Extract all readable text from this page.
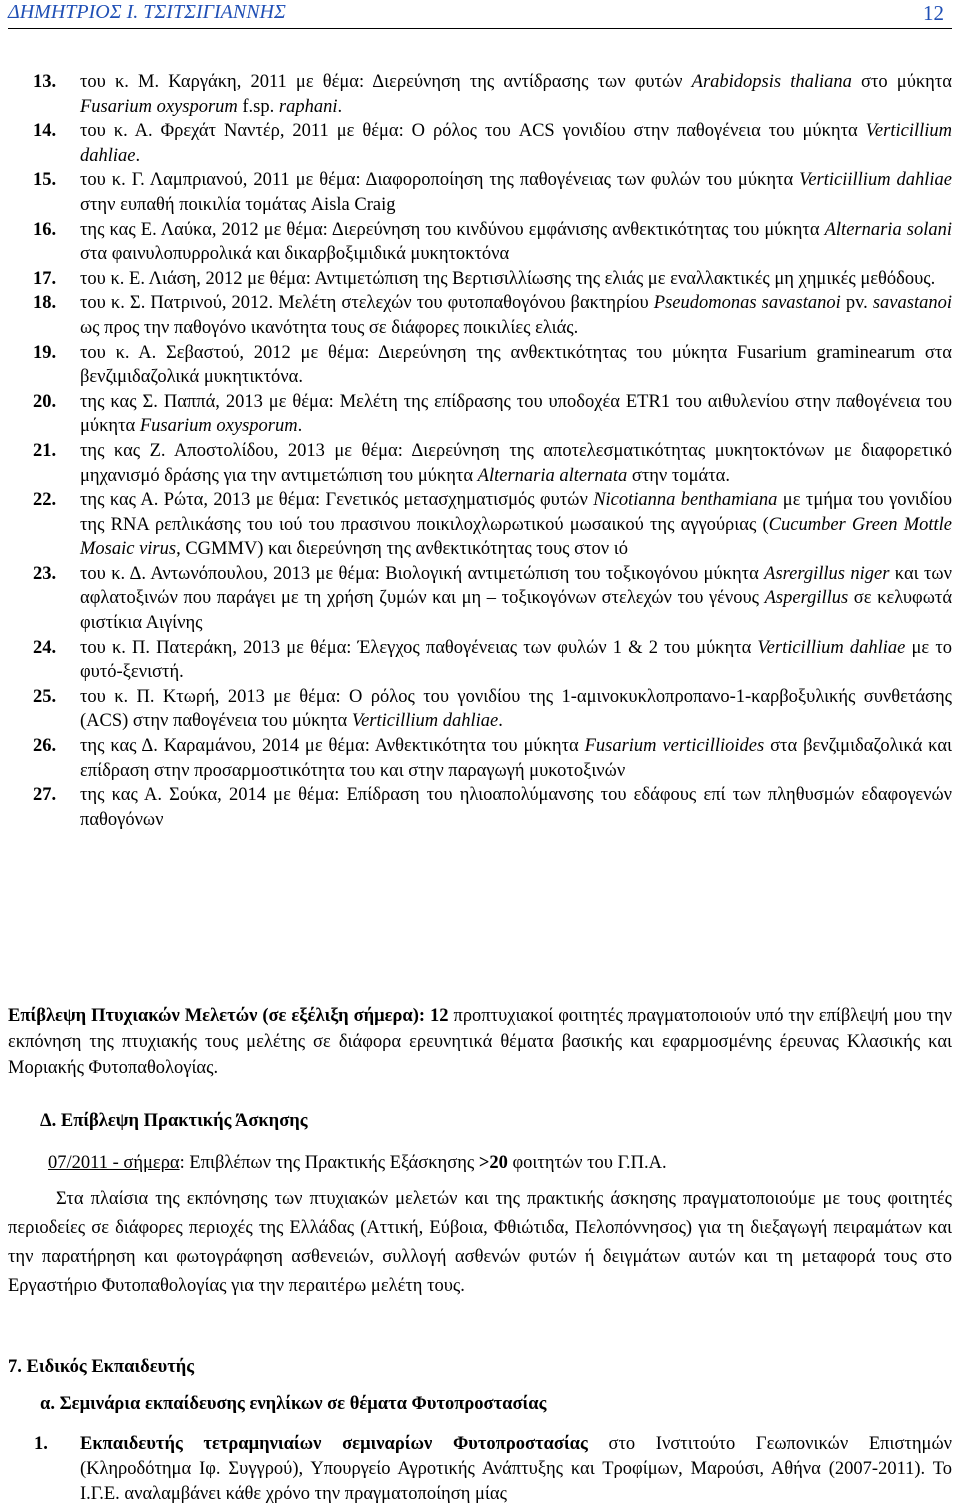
ΔΗΜΗΤΡΙΟΣ Ι. ΤΣΙΤΣΙΓΙΑΝΝΗΣ	12
13. του κ. Μ. Καργάκη, 2011 με θέμα: Διερεύνηση της αντίδρασης των φυτών Arabidopsis thaliana στο μύκητα Fusarium oxysporum f.sp. raphani.
14. του κ. Α. Φρεχάτ Ναντέρ, 2011 με θέμα: Ο ρόλος του ACS γονιδίου στην παθογένεια του μύκητα Verticillium dahliae.
15. του κ. Γ. Λαμπριανού, 2011 με θέμα: Διαφοροποίηση της παθογένειας των φυλών του μύκητα Verticiillium dahliae στην ευπαθή ποικιλία τομάτας Aisla Craig
16. της κας Ε. Λαύκα, 2012 με θέμα: Διερεύνηση του κινδύνου εμφάνισης ανθεκτικότητας του μύκητα Alternaria solani στα φαινυλοπυρρολικά και δικαρβοξιμιδικά μυκητοκτόνα
17. του κ. Ε. Λιάση, 2012 με θέμα: Αντιμετώπιση της Βερτισιλλίωσης της ελιάς με εναλλακτικές μη χημικές μεθόδους.
18. του κ. Σ. Πατρινού, 2012. Μελέτη στελεχών του φυτοπαθογόνου βακτηρίου Pseudomonas savastanoi pv. savastanoi ως προς την παθογόνο ικανότητα τους σε διάφορες ποικιλίες ελιάς.
19. του κ. Α. Σεβαστού, 2012 με θέμα: Διερεύνηση της ανθεκτικότητας του μύκητα Fusarium graminearum στα βενζιμιδαζολικά μυκητικτόνα.
20. της κας Σ. Παππά, 2013 με θέμα: Μελέτη της επίδρασης του υποδοχέα ETR1 του αιθυλενίου στην παθογένεια του μύκητα Fusarium oxysporum.
21. της κας Ζ. Αποστολίδου, 2013 με θέμα: Διερεύνηση της αποτελεσματικότητας μυκητοκτόνων με διαφορετικό μηχανισμό δράσης για την αντιμετώπιση του μύκητα Alternaria alternata στην τομάτα.
22. της κας Α. Ρώτα, 2013 με θέμα: Γενετικός μετασχηματισμός φυτών Nicotianna benthamiana με τμήμα του γονιδίου της RNA ρεπλικάσης του ιού του πρασινου ποικιλοχλωρωτικού μωσαικού της αγγούριας (Cucumber Green Mottle Mosaic virus, CGMMV) και διερεύνηση της ανθεκτικότητας τους στον ιό
23. του κ. Δ. Αντωνόπουλου, 2013 με θέμα: Βιολογική αντιμετώπιση του τοξικογόνου μύκητα Asrergillus niger και των αφλατοξινών που παράγει με τη χρήση ζυμών και μη – τοξικογόνων στελεχών του γένους Aspergillus σε κελυφωτά φιστίκια Αιγίνης
24. του κ. Π. Πατεράκη, 2013 με θέμα: Έλεγχος παθογένειας των φυλών 1 & 2 του μύκητα Verticillium dahliae με το φυτό-ξενιστή.
25. του κ. Π. Κτωρή, 2013 με θέμα: Ο ρόλος του γονιδίου της 1-αμινοκυκλοπροπανο-1-καρβοξυλικής συνθετάσης (ACS) στην παθογένεια του μύκητα Verticillium dahliae.
26. της κας Δ. Καραμάνου, 2014 με θέμα: Ανθεκτικότητα του μύκητα Fusarium verticillioides στα βενζιμιδαζολικά και επίδραση στην προσαρμοστικότητα του και στην παραγωγή μυκοτοξινών
27. της κας Α. Σούκα, 2014 με θέμα: Επίδραση του ηλιοαπολύμανσης του εδάφους επί των πληθυσμών εδαφογενών παθογόνων
Επίβλεψη Πτυχιακών Μελετών (σε εξέλιξη σήμερα): 12 προπτυχιακοί φοιτητές πραγματοποιούν υπό την επίβλεψή μου την εκπόνηση της πτυχιακής τους μελέτης σε διάφορα ερευνητικά θέματα βασικής και εφαρμοσμένης έρευνας Κλασικής και Μοριακής Φυτοπαθολογίας.
Δ. Επίβλεψη Πρακτικής Άσκησης
07/2011 - σήμερα: Επιβλέπων της Πρακτικής Εξάσκησης >20 φοιτητών του Γ.Π.Α.
Στα πλαίσια της εκπόνησης των πτυχιακών μελετών και της πρακτικής άσκησης πραγματοποιούμε με τους φοιτητές περιοδείες σε διάφορες περιοχές της Ελλάδας (Αττική, Εύβοια, Φθιώτιδα, Πελοπόννησος) για τη διεξαγωγή πειραμάτων και την παρατήρηση και φωτογράφηση ασθενειών, συλλογή ασθενών φυτών ή δειγμάτων αυτών και τη μεταφορά τους στο Εργαστήριο Φυτοπαθολογίας για την περαιτέρω μελέτη τους.
7. Ειδικός Εκπαιδευτής
α. Σεμινάρια εκπαίδευσης ενηλίκων σε θέματα Φυτοπροστασίας
1. Εκπαιδευτής τετραμηνιαίων σεμιναρίων Φυτοπροστασίας στο Ινστιτούτο Γεωπονικών Επιστημών (Κληροδότημα Ιφ. Συγγρού), Υπουργείο Αγροτικής Ανάπτυξης και Τροφίμων, Μαρούσι, Αθήνα (2007-2011). Το Ι.Γ.Ε. αναλαμβάνει κάθε χρόνο την πραγματοποίηση μίας
